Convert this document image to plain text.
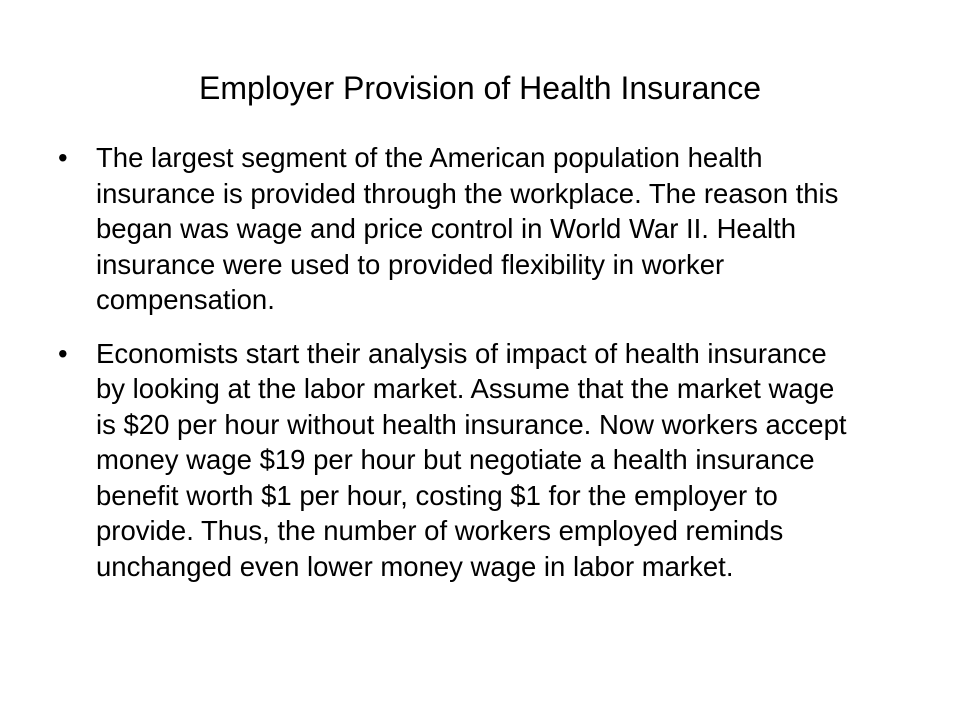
Employer Provision of Health Insurance
• The largest segment of the American population health insurance is provided through the workplace. The reason this began was wage and price control in World War II. Health insurance were used to provided flexibility in worker compensation.
• Economists start their analysis of impact of health insurance by looking at the labor market. Assume that the market wage is $20 per hour without health insurance. Now workers accept money wage $19 per hour but negotiate a health insurance benefit worth $1 per hour, costing $1 for the employer to provide. Thus, the number of workers employed reminds unchanged even lower money wage in labor market.
